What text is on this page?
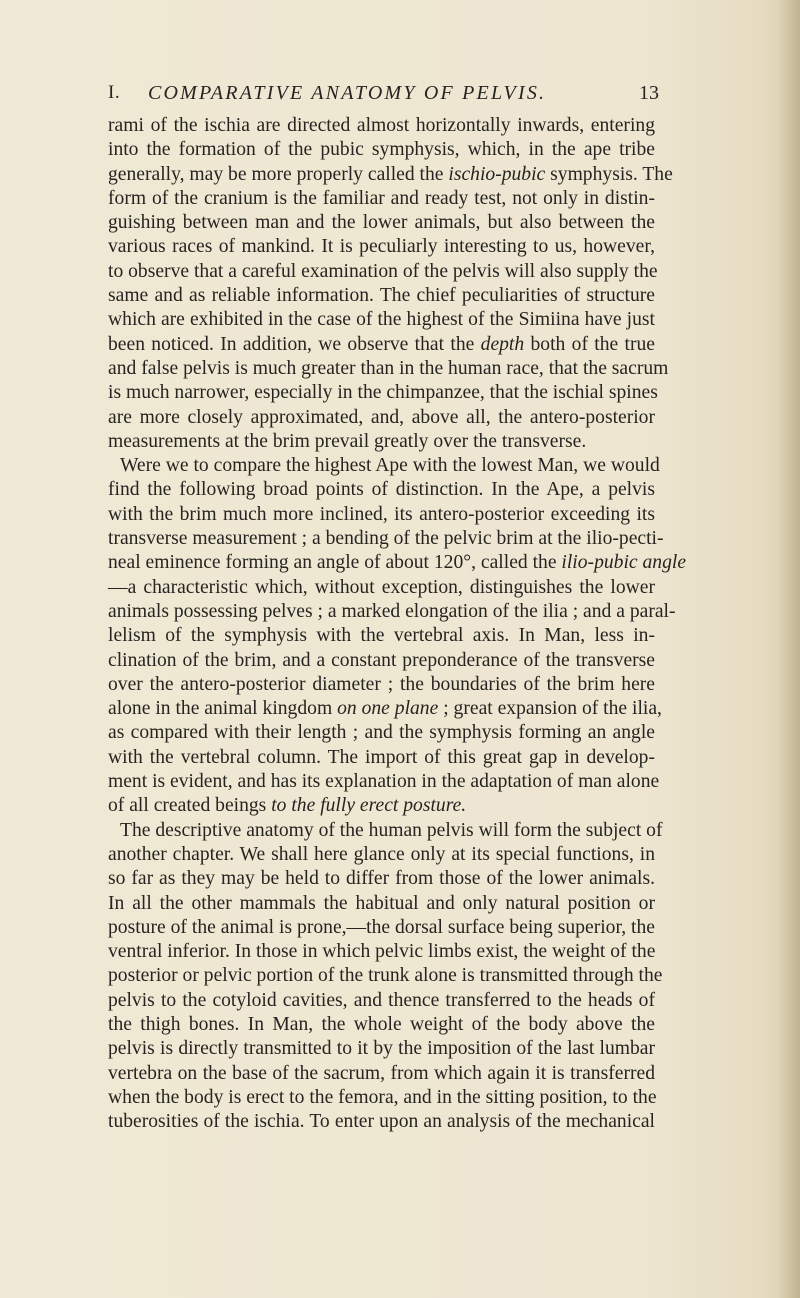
I. COMPARATIVE ANATOMY OF PELVIS.	13
rami of the ischia are directed almost horizontally inwards, entering
into the formation of the pubic symphysis, which, in the ape tribe
generally, may be more properly called the ischio-pubic symphysis. The
form of the cranium is the familiar and ready test, not only in distin-
guishing between man and the lower animals, but also between the
various races of mankind. It is peculiarly interesting to us, however,
to observe that a careful examination of the pelvis will also supply the
same and as reliable information. The chief peculiarities of structure
which are exhibited in the case of the highest of the Simiina have just
been noticed. In addition, we observe that the depth both of the true
and false pelvis is much greater than in the human race, that the sacrum
is much narrower, especially in the chimpanzee, that the ischial spines
are more closely approximated, and, above all, the antero-posterior
measurements at the brim prevail greatly over the transverse.
Were we to compare the highest Ape with the lowest Man, we would
find the following broad points of distinction. In the Ape, a pelvis
with the brim much more inclined, its antero-posterior exceeding its
transverse measurement ; a bending of the pelvic brim at the ilio-pecti-
neal eminence forming an angle of about 120°, called the ilio-pubic angle
—a characteristic which, without exception, distinguishes the lower
animals possessing pelves ; a marked elongation of the ilia ; and a paral-
lelism of the symphysis with the vertebral axis. In Man, less in-
clination of the brim, and a constant preponderance of the transverse
over the antero-posterior diameter ; the boundaries of the brim here
alone in the animal kingdom on one plane ; great expansion of the ilia,
as compared with their length ; and the symphysis forming an angle
with the vertebral column. The import of this great gap in develop-
ment is evident, and has its explanation in the adaptation of man alone
of all created beings to the fully erect posture.
The descriptive anatomy of the human pelvis will form the subject of
another chapter. We shall here glance only at its special functions, in
so far as they may be held to differ from those of the lower animals.
In all the other mammals the habitual and only natural position or
posture of the animal is prone,—the dorsal surface being superior, the
ventral inferior. In those in which pelvic limbs exist, the weight of the
posterior or pelvic portion of the trunk alone is transmitted through the
pelvis to the cotyloid cavities, and thence transferred to the heads of
the thigh bones. In Man, the whole weight of the body above the
pelvis is directly transmitted to it by the imposition of the last lumbar
vertebra on the base of the sacrum, from which again it is transferred
when the body is erect to the femora, and in the sitting position, to the
tuberosities of the ischia. To enter upon an analysis of the mechanical
